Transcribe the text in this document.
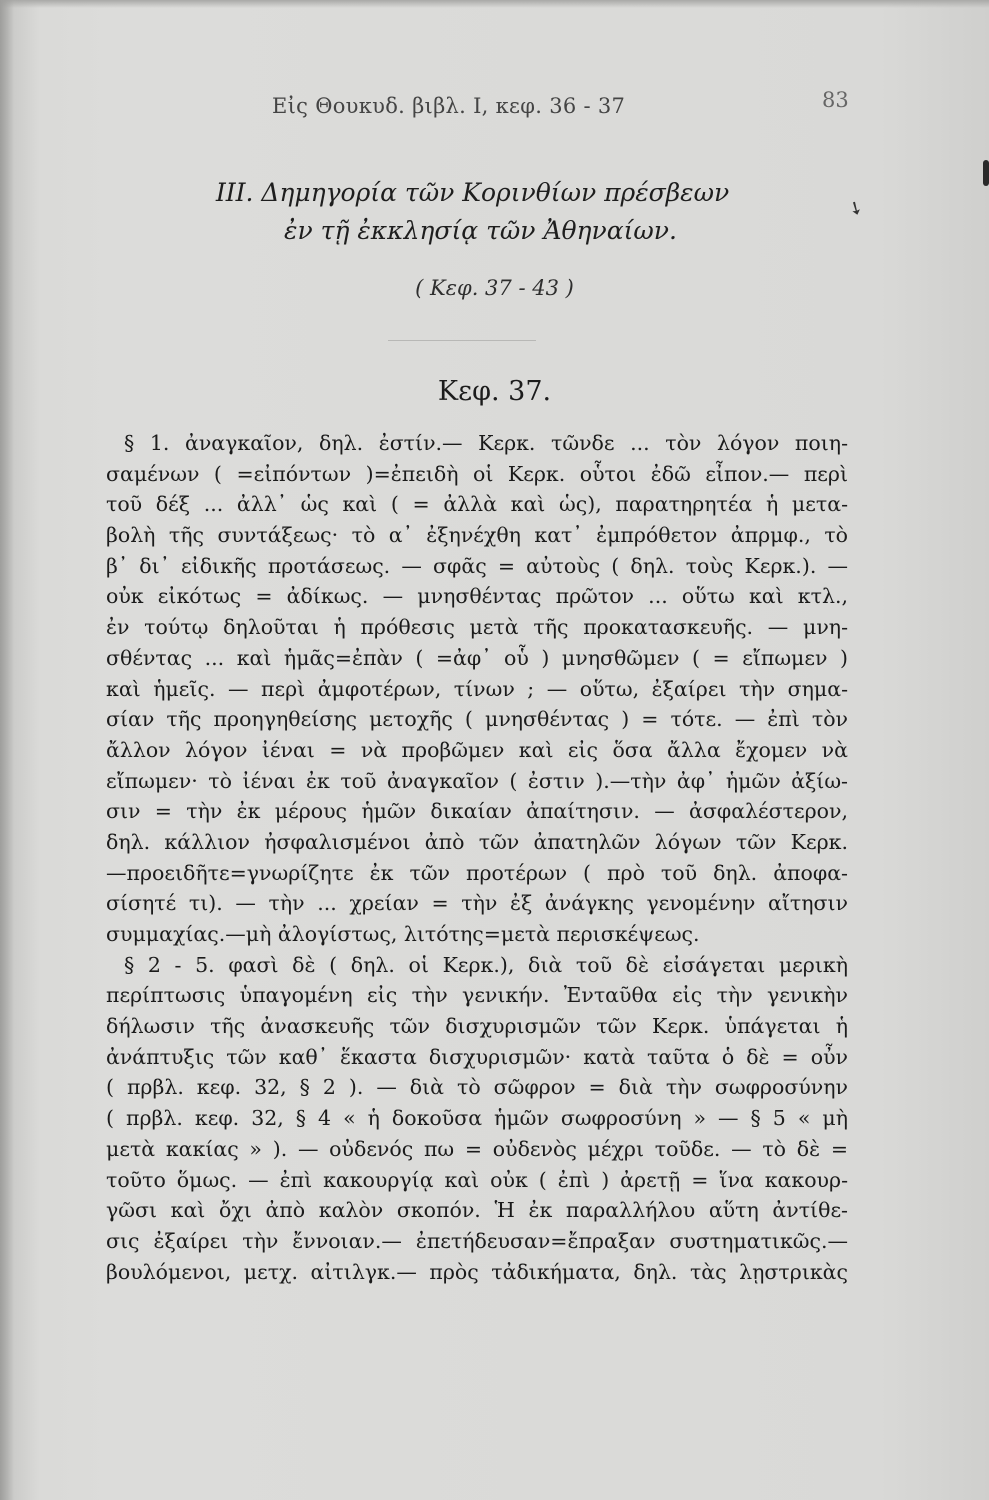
Εἰς Θουκυδ. βιβλ. I, κεφ. 36 - 37	83
➘
III. Δημηγορία τῶν Κορινθίων πρέσβεων
ἐν τῇ ἐκκλησίᾳ τῶν Ἀθηναίων.
( Κεφ. 37 - 43 )
Κεφ. 37.
§ 1. ἀναγκαῖον, δηλ. ἐστίν.— Κερκ. τῶνδε ... τὸν λόγον ποιη-
σαμένων ( =εἰπόντων )=ἐπειδὴ οἱ Κερκ. οὗτοι ἐδῶ εἶπον.— περὶ
τοῦ δέξ ... ἀλλ᾽ ὡς καὶ ( = ἀλλὰ καὶ ὡς), παρατηρητέα ἡ μετα-
βολὴ τῆς συντάξεως· τὸ α᾽ ἐξηνέχθη κατ᾽ ἐμπρόθετον ἀπρμφ., τὸ
β᾽ δι᾽ εἰδικῆς προτάσεως. — σφᾶς = αὐτοὺς ( δηλ. τοὺς Κερκ.). —
οὐκ εἰκότως = ἀδίκως. — μνησθέντας πρῶτον ... οὕτω καὶ κτλ.,
ἐν τούτῳ δηλοῦται ἡ πρόθεσις μετὰ τῆς προκατασκευῆς. — μνη-
σθέντας ... καὶ ἡμᾶς=ἐπὰν ( =ἀφ᾽ οὗ ) μνησθῶμεν ( = εἴπωμεν )
καὶ ἡμεῖς. — περὶ ἀμφοτέρων, τίνων ; — οὕτω, ἐξαίρει τὴν σημα-
σίαν τῆς προηγηθείσης μετοχῆς ( μνησθέντας ) = τότε. — ἐπὶ τὸν
ἄλλον λόγον ἰέναι = νὰ προβῶμεν καὶ εἰς ὅσα ἄλλα ἔχομεν νὰ
εἴπωμεν· τὸ ἰέναι ἐκ τοῦ ἀναγκαῖον ( ἐστιν ).—τὴν ἀφ᾽ ἡμῶν ἀξίω-
σιν = τὴν ἐκ μέρους ἡμῶν δικαίαν ἀπαίτησιν. — ἀσφαλέστερον,
δηλ. κάλλιον ἠσφαλισμένοι ἀπὸ τῶν ἀπατηλῶν λόγων τῶν Κερκ.
—προειδῆτε=γνωρίζητε ἐκ τῶν προτέρων ( πρὸ τοῦ δηλ. ἀποφα-
σίσητέ τι). — τὴν ... χρείαν = τὴν ἐξ ἀνάγκης γενομένην αἴτησιν
συμμαχίας.—μὴ ἀλογίστως, λιτότης=μετὰ περισκέψεως.
§ 2 - 5. φασὶ δὲ ( δηλ. οἱ Κερκ.), διὰ τοῦ δὲ εἰσάγεται μερικὴ
περίπτωσις ὑπαγομένη εἰς τὴν γενικήν. Ἐνταῦθα εἰς τὴν γενικὴν
δήλωσιν τῆς ἀνασκευῆς τῶν δισχυρισμῶν τῶν Κερκ. ὑπάγεται ἡ
ἀνάπτυξις τῶν καθ᾽ ἕκαστα δισχυρισμῶν· κατὰ ταῦτα ὁ δὲ = οὖν
( πρβλ. κεφ. 32, § 2 ). — διὰ τὸ σῶφρον = διὰ τὴν σωφροσύνην
( πρβλ. κεφ. 32, § 4 « ἡ δοκοῦσα ἡμῶν σωφροσύνη » — § 5 « μὴ
μετὰ κακίας » ). — οὐδενός πω = οὐδενὸς μέχρι τοῦδε. — τὸ δὲ =
τοῦτο ὅμως. — ἐπὶ κακουργίᾳ καὶ οὐκ ( ἐπὶ ) ἀρετῇ = ἵνα κακουρ-
γῶσι καὶ ὄχι ἀπὸ καλὸν σκοπόν. Ἡ ἐκ παραλλήλου αὕτη ἀντίθε-
σις ἐξαίρει τὴν ἔννοιαν.— ἐπετήδευσαν=ἔπραξαν συστηματικῶς.—
βουλόμενοι, μετχ. αἰτιλγκ.— πρὸς τἀδικήματα, δηλ. τὰς λῃστρικὰς
